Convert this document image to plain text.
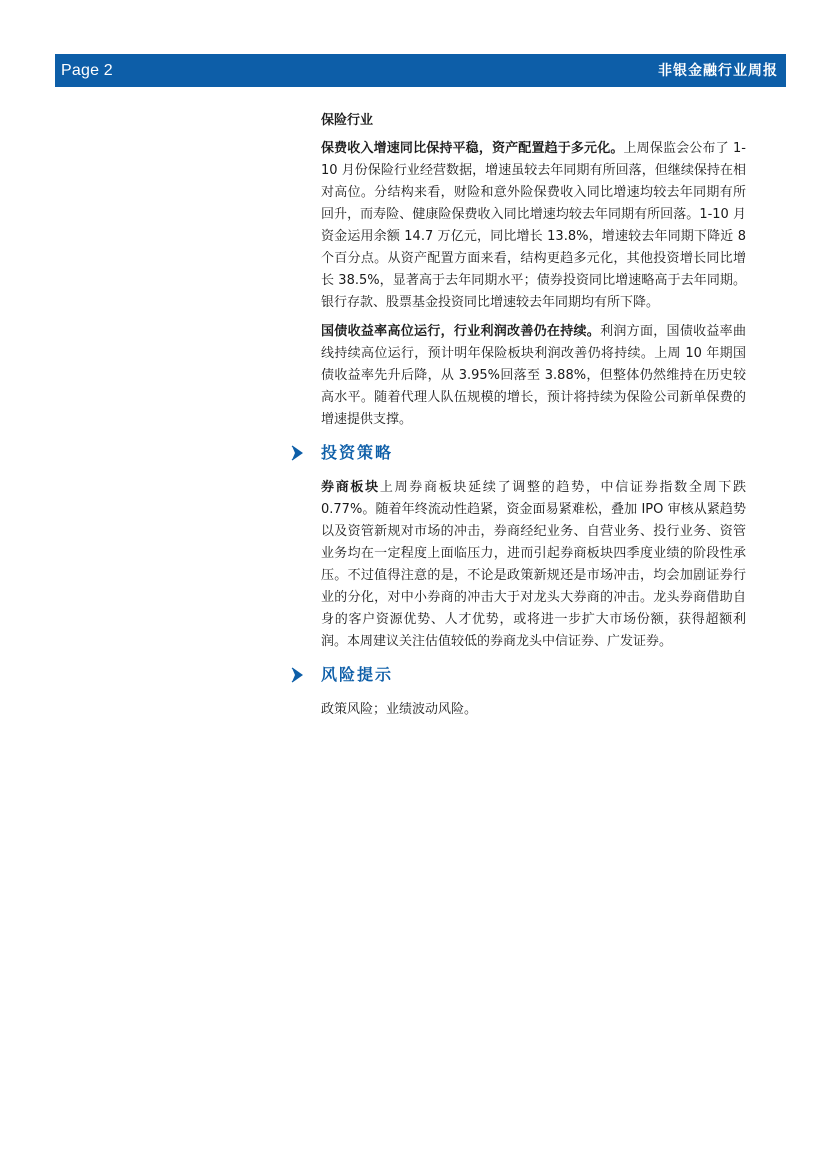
Page 2	非银金融行业周报
保险行业

保费收入增速同比保持平稳，资产配置趋于多元化。上周保监会公布了 1-10 月份保险行业经营数据，增速虽较去年同期有所回落，但继续保持在相对高位。分结构来看，财险和意外险保费收入同比增速均较去年同期有所回升，而寿险、健康险保费收入同比增速均较去年同期有所回落。1-10 月资金运用余额 14.7 万亿元，同比增长 13.8%，增速较去年同期下降近 8 个百分点。从资产配置方面来看，结构更趋多元化，其他投资增长同比增长 38.5%，显著高于去年同期水平；债券投资同比增速略高于去年同期。银行存款、股票基金投资同比增速较去年同期均有所下降。

国债收益率高位运行，行业利润改善仍在持续。利润方面，国债收益率曲线持续高位运行，预计明年保险板块利润改善仍将持续。上周 10 年期国债收益率先升后降，从 3.95%回落至 3.88%，但整体仍然维持在历史较高水平。随着代理人队伍规模的增长，预计将持续为保险公司新单保费的增速提供支撑。

投资策略

券商板块上周券商板块延续了调整的趋势，中信证券指数全周下跌 0.77%。随着年终流动性趋紧，资金面易紧难松，叠加 IPO 审核从紧趋势以及资管新规对市场的冲击，券商经纪业务、自营业务、投行业务、资管业务均在一定程度上面临压力，进而引起券商板块四季度业绩的阶段性承压。不过值得注意的是，不论是政策新规还是市场冲击，均会加剧证券行业的分化，对中小券商的冲击大于对龙头大券商的冲击。龙头券商借助自身的客户资源优势、人才优势，或将进一步扩大市场份额，获得超额利润。本周建议关注估值较低的券商龙头中信证券、广发证券。

风险提示

政策风险；业绩波动风险。
